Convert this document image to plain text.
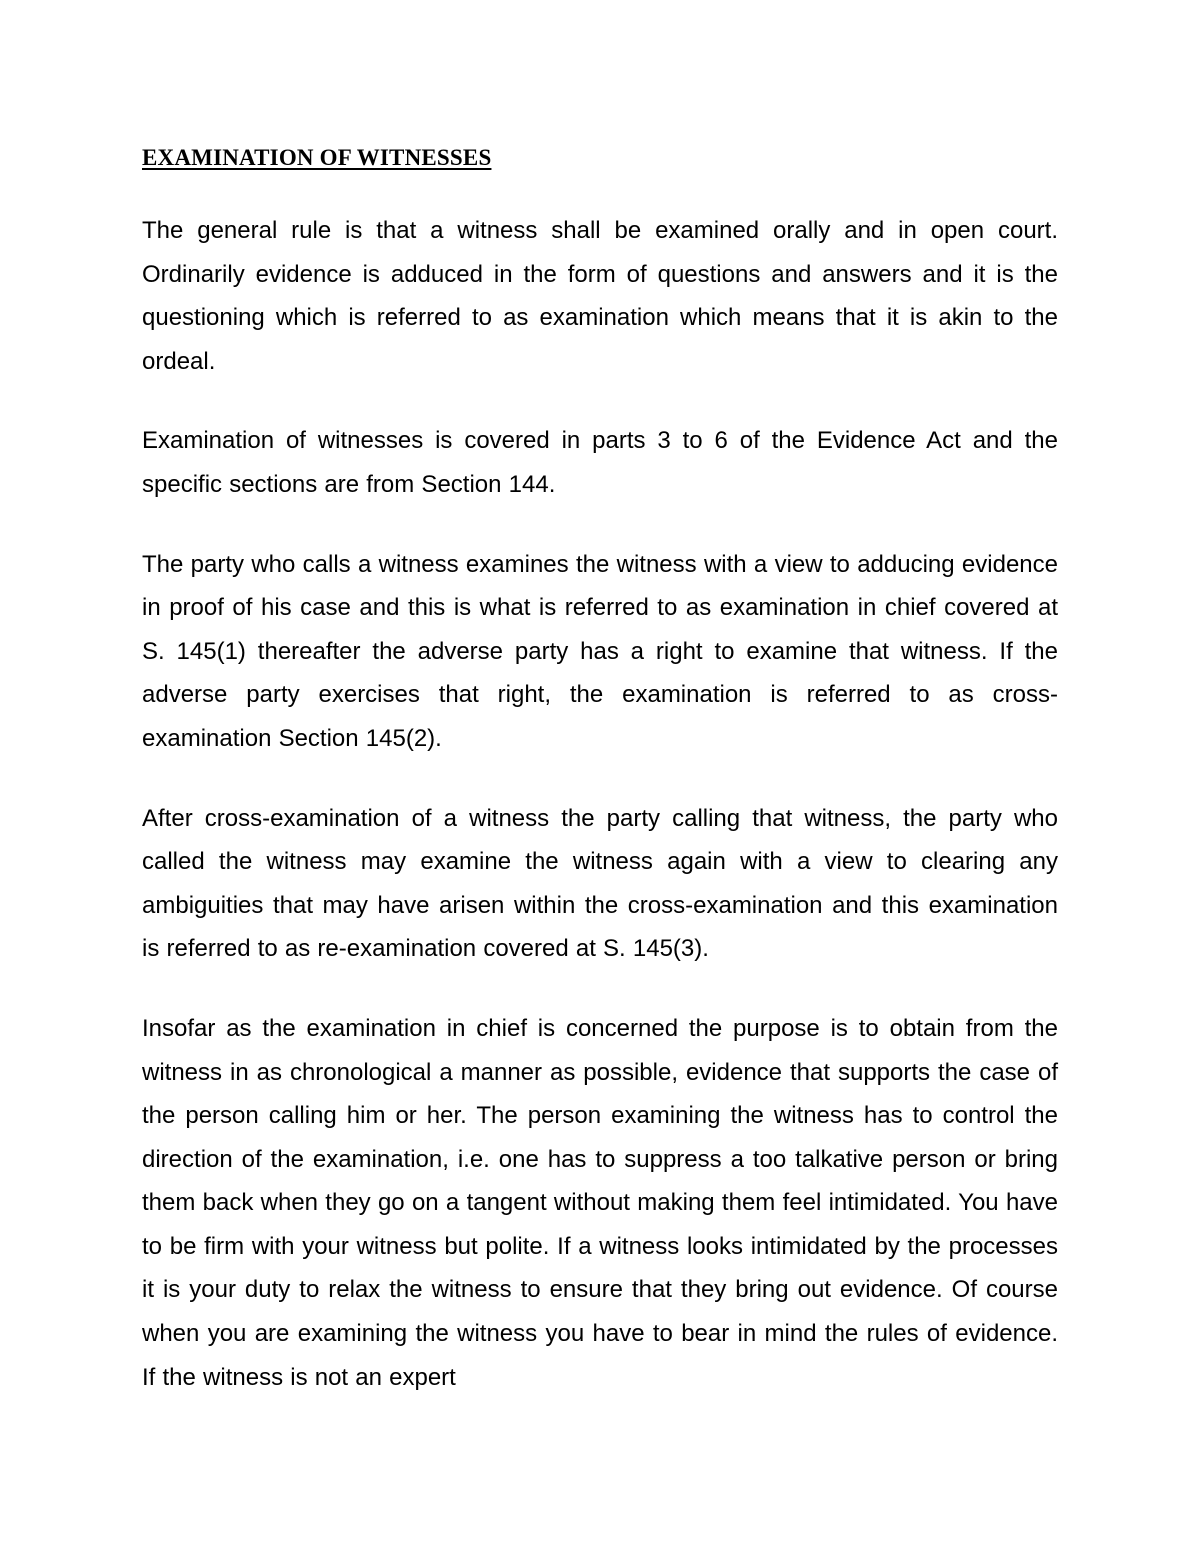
EXAMINATION OF WITNESSES

The general rule is that a witness shall be examined orally and in open court. Ordinarily evidence is adduced in the form of questions and answers and it is the questioning which is referred to as examination which means that it is akin to the ordeal.

Examination of witnesses is covered in parts 3 to 6 of the Evidence Act and the specific sections are from Section 144.

The party who calls a witness examines the witness with a view to adducing evidence in proof of his case and this is what is referred to as examination in chief covered at S. 145(1) thereafter the adverse party has a right to examine that witness. If the adverse party exercises that right, the examination is referred to as cross-examination Section 145(2).

After cross-examination of a witness the party calling that witness, the party who called the witness may examine the witness again with a view to clearing any ambiguities that may have arisen within the cross-examination and this examination is referred to as re-examination covered at S. 145(3).

Insofar as the examination in chief is concerned the purpose is to obtain from the witness in as chronological a manner as possible, evidence that supports the case of the person calling him or her. The person examining the witness has to control the direction of the examination, i.e. one has to suppress a too talkative person or bring them back when they go on a tangent without making them feel intimidated. You have to be firm with your witness but polite. If a witness looks intimidated by the processes it is your duty to relax the witness to ensure that they bring out evidence. Of course when you are examining the witness you have to bear in mind the rules of evidence. If the witness is not an expert
